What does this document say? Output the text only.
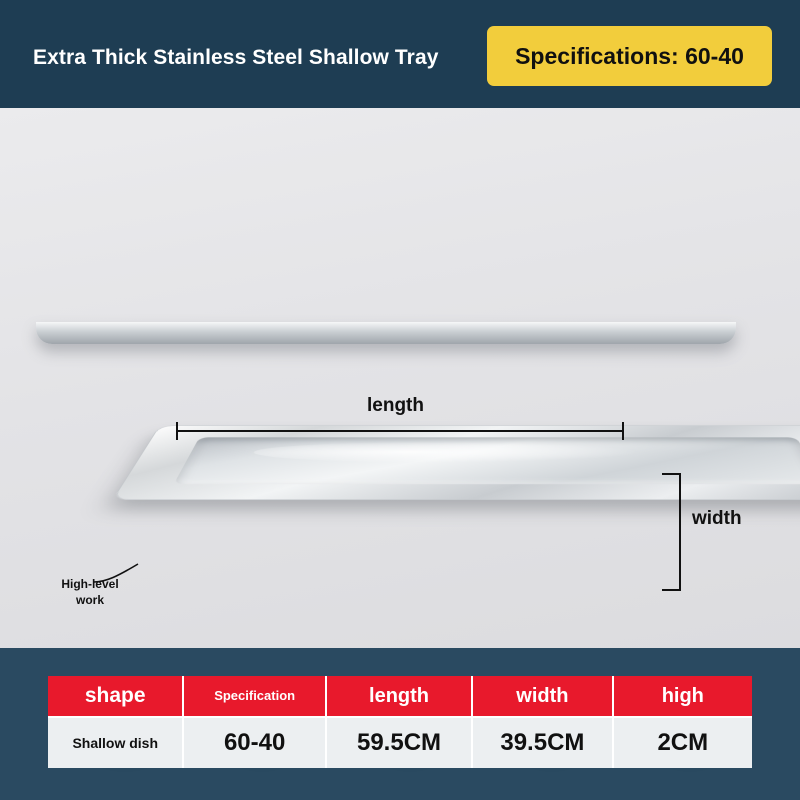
Extra Thick Stainless Steel Shallow Tray	Specifications: 60-40
length
width
High-level
work
shape
Shallow dish
Specification
60-40
length
59.5CM
width
39.5CM
high
2CM
